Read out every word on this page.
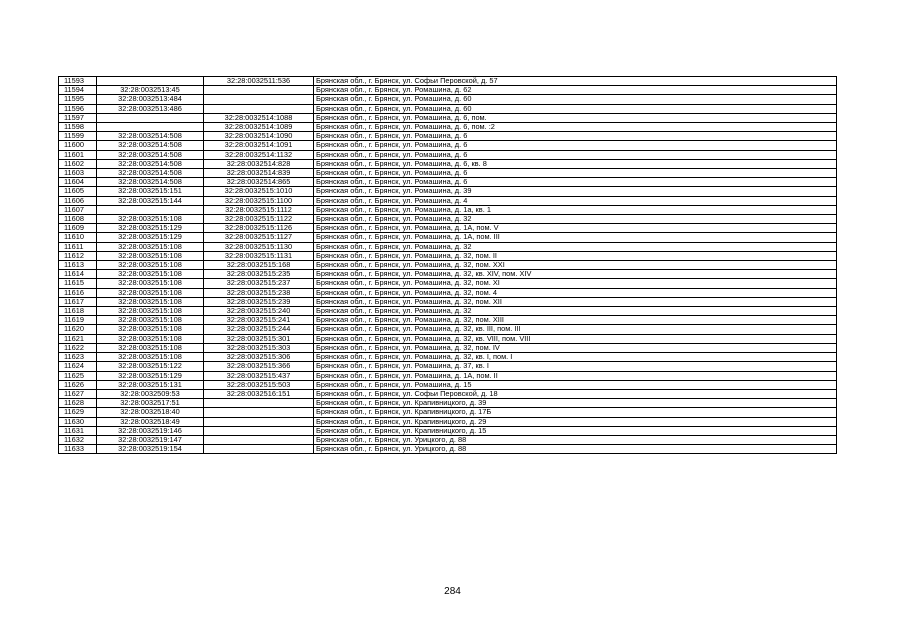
11593		32:28:0032511:536	Брянская обл., г. Брянск, ул. Софьи Перовской, д. 57
11594	32:28:0032513:45		Брянская обл., г. Брянск, ул. Ромашина, д. 62
11595	32:28:0032513:484		Брянская обл., г. Брянск, ул. Ромашина, д. 60
11596	32:28:0032513:486		Брянская обл., г. Брянск, ул. Ромашина, д. 60
11597		32:28:0032514:1088	Брянская обл., г. Брянск, ул. Ромашина, д. 6, пом.
11598		32:28:0032514:1089	Брянская обл., г. Брянск, ул. Ромашина, д. 6, пом. :2
11599	32:28:0032514:508	32:28:0032514:1090	Брянская обл., г. Брянск, ул. Ромашина, д. 6
11600	32:28:0032514:508	32:28:0032514:1091	Брянская обл., г. Брянск, ул. Ромашина, д. 6
11601	32:28:0032514:508	32:28:0032514:1132	Брянская обл., г. Брянск, ул. Ромашина, д. 6
11602	32:28:0032514:508	32:28:0032514:828	Брянская обл., г. Брянск, ул. Ромашина, д. 6, кв. 8
11603	32:28:0032514:508	32:28:0032514:839	Брянская обл., г. Брянск, ул. Ромашина, д. 6
11604	32:28:0032514:508	32:28:0032514:865	Брянская обл., г. Брянск, ул. Ромашина, д. 6
11605	32:28:0032515:151	32:28:0032515:1010	Брянская обл., г. Брянск, ул. Ромашина, д. 39
11606	32:28:0032515:144	32:28:0032515:1100	Брянская обл., г. Брянск, ул. Ромашина, д. 4
11607		32:28:0032515:1112	Брянская обл., г. Брянск, ул. Ромашина, д. 1а, кв. 1
11608	32:28:0032515:108	32:28:0032515:1122	Брянская обл., г. Брянск, ул. Ромашина, д. 32
11609	32:28:0032515:129	32:28:0032515:1126	Брянская обл., г. Брянск, ул. Ромашина, д. 1А, пом. V
11610	32:28:0032515:129	32:28:0032515:1127	Брянская обл., г. Брянск, ул. Ромашина, д. 1А, пом. III
11611	32:28:0032515:108	32:28:0032515:1130	Брянская обл., г. Брянск, ул. Ромашина, д. 32
11612	32:28:0032515:108	32:28:0032515:1131	Брянская обл., г. Брянск, ул. Ромашина, д. 32, пом. II
11613	32:28:0032515:108	32:28:0032515:168	Брянская обл., г. Брянск, ул. Ромашина, д. 32, пом. XXI
11614	32:28:0032515:108	32:28:0032515:235	Брянская обл., г. Брянск, ул. Ромашина, д. 32, кв. XIV, пом. XIV
11615	32:28:0032515:108	32:28:0032515:237	Брянская обл., г. Брянск, ул. Ромашина, д. 32, пом. XI
11616	32:28:0032515:108	32:28:0032515:238	Брянская обл., г. Брянск, ул. Ромашина, д. 32, пом. 4
11617	32:28:0032515:108	32:28:0032515:239	Брянская обл., г. Брянск, ул. Ромашина, д. 32, пом. XII
11618	32:28:0032515:108	32:28:0032515:240	Брянская обл., г. Брянск, ул. Ромашина, д. 32
11619	32:28:0032515:108	32:28:0032515:241	Брянская обл., г. Брянск, ул. Ромашина, д. 32, пом. XIII
11620	32:28:0032515:108	32:28:0032515:244	Брянская обл., г. Брянск, ул. Ромашина, д. 32, кв. III, пом. III
11621	32:28:0032515:108	32:28:0032515:301	Брянская обл., г. Брянск, ул. Ромашина, д. 32, кв. VIII, пом. VIII
11622	32:28:0032515:108	32:28:0032515:303	Брянская обл., г. Брянск, ул. Ромашина, д. 32, пом. IV
11623	32:28:0032515:108	32:28:0032515:306	Брянская обл., г. Брянск, ул. Ромашина, д. 32, кв. I, пом. I
11624	32:28:0032515:122	32:28:0032515:366	Брянская обл., г. Брянск, ул. Ромашина, д. 37, кв. I
11625	32:28:0032515:129	32:28:0032515:437	Брянская обл., г. Брянск, ул. Ромашина, д. 1А, пом. II
11626	32:28:0032515:131	32:28:0032515:503	Брянская обл., г. Брянск, ул. Ромашина, д. 15
11627	32:28:0032509:53	32:28:0032516:151	Брянская обл., г. Брянск, ул. Софьи Перовской, д. 18
11628	32:28:0032517:51		Брянская обл., г. Брянск, ул. Крапивницкого, д. 39
11629	32:28:0032518:40		Брянская обл., г. Брянск, ул. Крапивницкого, д. 17Б
11630	32:28:0032518:49		Брянская обл., г. Брянск, ул. Крапивницкого, д. 29
11631	32:28:0032519:146		Брянская обл., г. Брянск, ул. Крапивницкого, д. 15
11632	32:28:0032519:147		Брянская обл., г. Брянск, ул. Урицкого, д. 88
11633	32:28:0032519:154		Брянская обл., г. Брянск, ул. Урицкого, д. 88
284
